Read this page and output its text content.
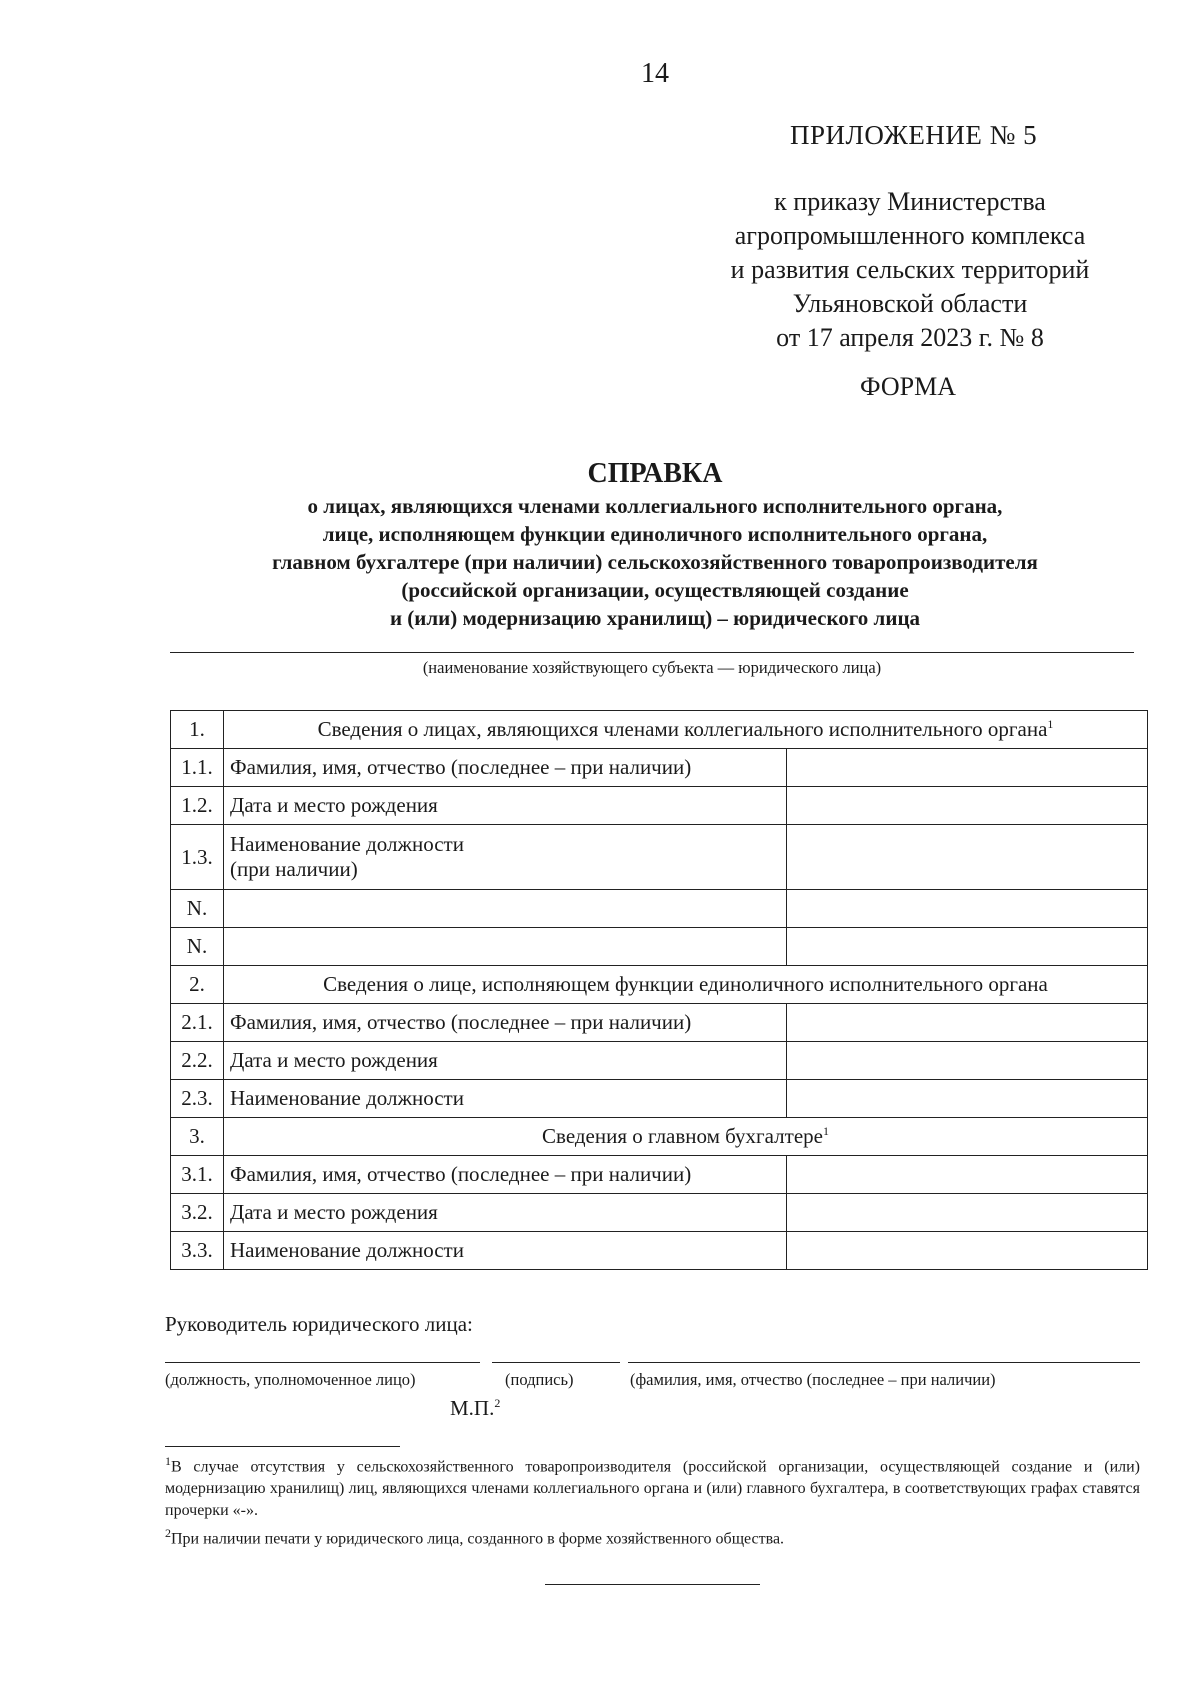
14
ПРИЛОЖЕНИЕ № 5
к приказу Министерства
агропромышленного комплекса
и развития сельских территорий
Ульяновской области
от 17 апреля 2023 г. № 8
ФОРМА
СПРАВКА
о лицах, являющихся членами коллегиального исполнительного органа,
лице, исполняющем функции единоличного исполнительного органа,
главном бухгалтере (при наличии) сельскохозяйственного товаропроизводителя
(российской организации, осуществляющей создание
и (или) модернизацию хранилищ) – юридического лица
(наименование хозяйствующего субъекта — юридического лица)
1.	Сведения о лицах, являющихся членами коллегиального исполнительного органа$^1$
1.1.	Фамилия, имя, отчество (последнее – при наличии)	
1.2.	Дата и место рождения	
1.3.	Наименование должности
(при наличии)	

N.		
N.		
2.	Сведения о лице, исполняющем функции единоличного исполнительного органа	
2.1.	Фамилия, имя, отчество (последнее – при наличии)	
2.2.	Дата и место рождения	
2.3.	Наименование должности	
3.	Сведения о главном бухгалтере$^1$
3.1.	Фамилия, имя, отчество (последнее – при наличии)	
3.2.	Дата и место рождения	
3.3.	Наименование должности	
Руководитель юридического лица:
(должность, уполномоченное лицо)	(подпись)	(фамилия, имя, отчество (последнее – при наличии)
М.П.$^2$

$^1$В случае отсутствия у сельскохозяйственного товаропроизводителя (российской организации, осуществляющей создание и (или) модернизацию хранилищ) лиц, являющихся членами коллегиального органа и (или) главного бухгалтера, в соответствующих графах ставятся прочерки «-».

$^2$При наличии печати у юридического лица, созданного в форме хозяйственного общества.
